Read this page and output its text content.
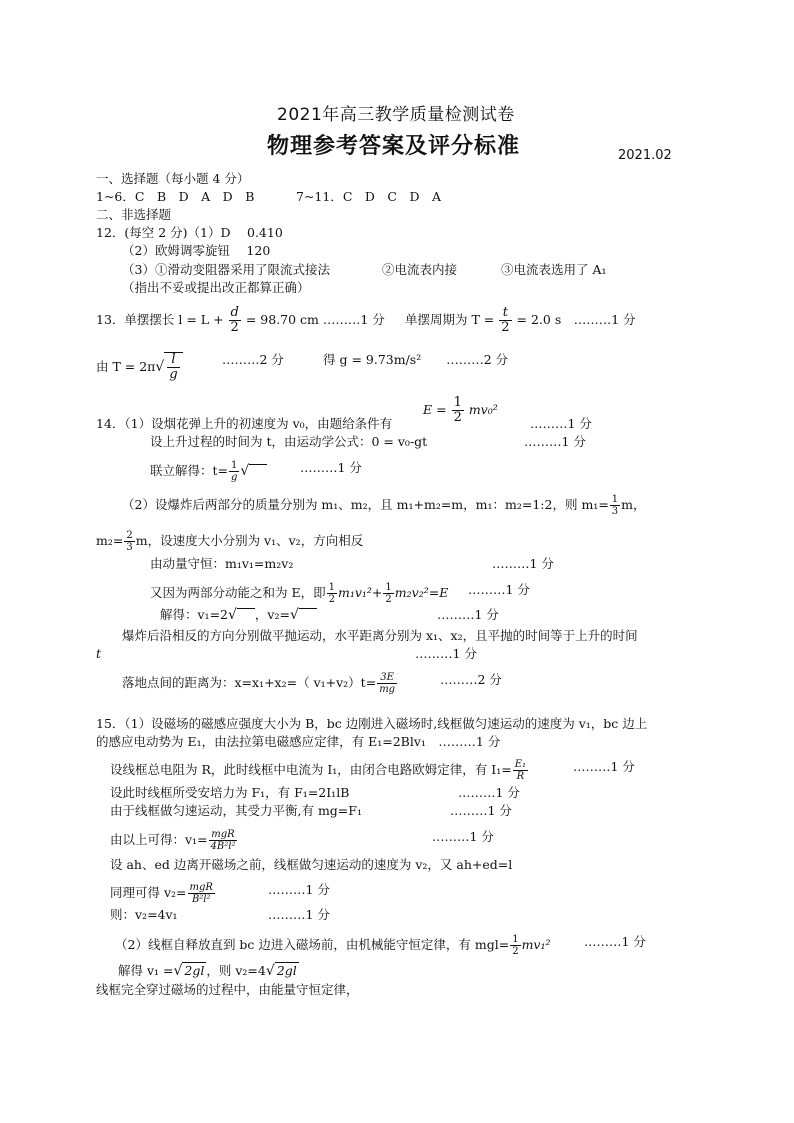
2021年高三教学质量检测试卷
物理参考答案及评分标准	2021.02
一、选择题（每小题 4 分）
1~6．C　B　D　A　D　B	7~11．C　D　C　D　A
二、非选择题
12．(每空 2 分)（1）D　 0.410
（2）欧姆调零旋钮　 120
（3）①滑动变阻器采用了限流式接法	②电流表内接	③电流表选用了 A₁
（指出不妥或提出改正都算正确）
13．单摆摆长 $l = L + \frac{d}{2} = 98.70$ cm ………1 分 单摆周期为 $T = \frac{t}{2} = 2.0$ s　………1 分
由 $T = 2\pi√ \frac{l}{g}$	………2 分	得 g = 9.73m/s²　　………2 分
$E = \frac{1}{2} mv_0^2$
14．（1）设烟花弹上升的初速度为 v₀，由题给条件有	………1 分
设上升过程的时间为 t，由运动学公式：0 = v₀-gt	………1 分
联立解得：$t= \frac{1}{g}$ √	………1 分
（2）设爆炸后两部分的质量分别为 m₁、m₂，且 m₁+m₂=m，m₁：m₂=1:2，则 $m_1= \frac{1}{3}$ m，
$m_2= \frac{2}{3}$ m，设速度大小分别为 v₁、v₂，方向相反
由动量守恒：m₁v₁=m₂v₂	………1 分
又因为两部分动能之和为 E，即 $\frac{1}{2} m_1v_1^2+ \frac{1}{2} m_2v_2^2=E$ ………1 分
解得：v₁=2√ ，v₂=√	………1 分
爆炸后沿相反的方向分别做平抛运动，水平距离分别为 x₁、x₂，且平抛的时间等于上升的时间
t	………1 分
落地点间的距离为：x=x₁+x₂=（ $v_1+v_2)t= \frac{3E}{mg}$	………2 分
15．（1）设磁场的磁感应强度大小为 B，bc 边刚进入磁场时,线框做匀速运动的速度为 v₁，bc 边上
的感应电动势为 E₁，由法拉第电磁感应定律，有 E₁=2Blv₁　………1 分
设线框总电阻为 R，此时线框中电流为 I₁，由闭合电路欧姆定律，有 $I_1= \frac{\text{E₁}}{R}$	………1 分
设此时线框所受安培力为 F₁，有 F₁=2I₁lB	………1 分
由于线框做匀速运动，其受力平衡,有 mg=F₁	………1 分
由以上可得：$v_1= \frac{\text{mgR}}{\text{4B²l²}}$	………1 分
设 ah、ed 边离开磁场之前，线框做匀速运动的速度为 v₂，又 ah+ed=l
同理可得 $v_2= \frac{\text{mgR}}{\text{B²l²}}$	………1 分
则：v₂=4v₁	………1 分
（2）线框自释放直到 bc 边进入磁场前，由机械能守恒定律，有 $mgl= \frac{1}{2} mv_1^2$	………1 分
解得 v₁ =√ 2gl ，则 v₂=4√ 2gl
线框完全穿过磁场的过程中，由能量守恒定律，
